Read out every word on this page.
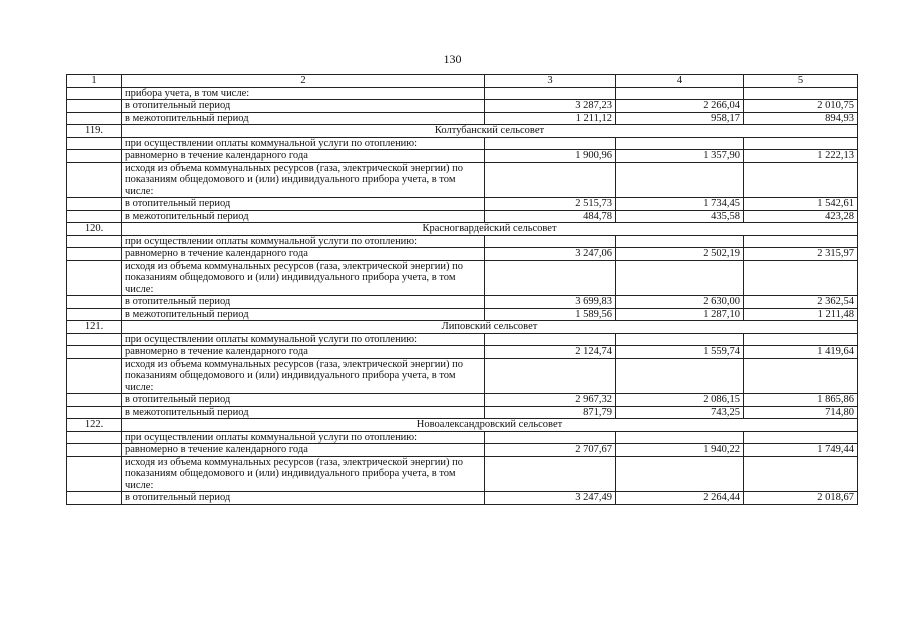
130
1	2	3	4	5
	прибора учета, в том числе:			
	в отопительный период	3 287,23	2 266,04	2 010,75
	в межотопительный период	1 211,12	958,17	894,93
119.	Колтубанский сельсовет			
	при осуществлении оплаты коммунальной услуги по отоплению:			
	равномерно в течение календарного года	1 900,96	1 357,90	1 222,13
	исходя из объема коммунальных ресурсов (газа, электрической энергии) по показаниям общедомового и (или) индивидуального прибора учета, в том числе:			
	в отопительный период	2 515,73	1 734,45	1 542,61
	в межотопительный период	484,78	435,58	423,28
120.	Красногвардейский сельсовет			
	при осуществлении оплаты коммунальной услуги по отоплению:			
	равномерно в течение календарного года	3 247,06	2 502,19	2 315,97
	исходя из объема коммунальных ресурсов (газа, электрической энергии) по показаниям общедомового и (или) индивидуального прибора учета, в том числе:			
	в отопительный период	3 699,83	2 630,00	2 362,54
	в межотопительный период	1 589,56	1 287,10	1 211,48
121.	Липовский сельсовет			
	при осуществлении оплаты коммунальной услуги по отоплению:			
	равномерно в течение календарного года	2 124,74	1 559,74	1 419,64
	исходя из объема коммунальных ресурсов (газа, электрической энергии) по показаниям общедомового и (или) индивидуального прибора учета, в том числе:			
	в отопительный период	2 967,32	2 086,15	1 865,86
	в межотопительный период	871,79	743,25	714,80
122.	Новоалександровский сельсовет			
	при осуществлении оплаты коммунальной услуги по отоплению:			
	равномерно в течение календарного года	2 707,67	1 940,22	1 749,44
	исходя из объема коммунальных ресурсов (газа, электрической энергии) по показаниям общедомового и (или) индивидуального прибора учета, в том числе:			
	в отопительный период	3 247,49	2 264,44	2 018,67
